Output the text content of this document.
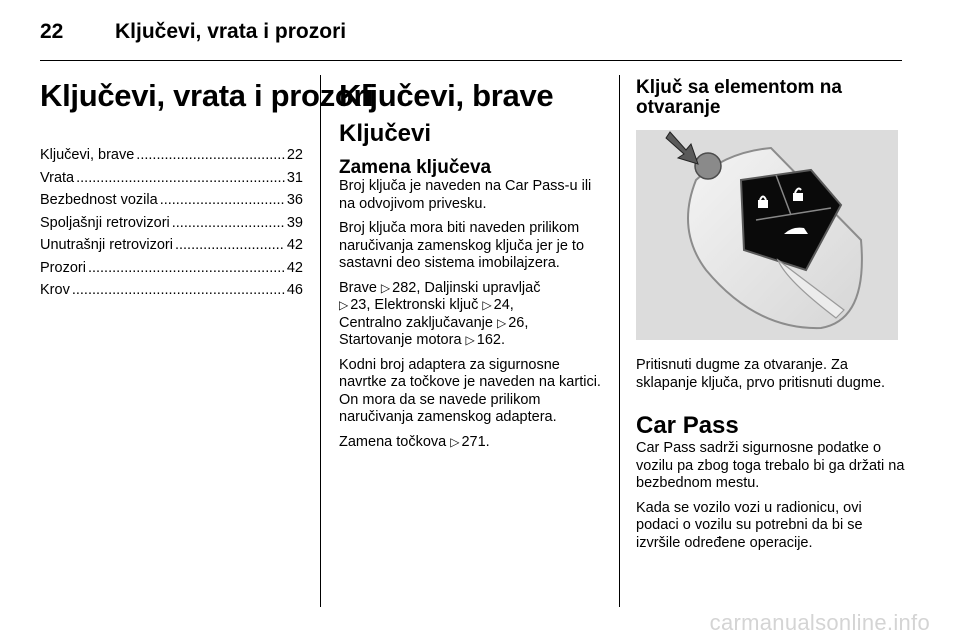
22 Ključevi, vrata i prozori
Ključevi, vrata i prozori
Ključevi, brave .....	22
Vrata .....	31
Bezbednost vozila .....	36
Spoljašnji retrovizori .....	39
Unutrašnji retrovizori .....	42
Prozori .....	42
Krov .....	46
Ključevi, brave
Ključevi
Zamena ključeva

Broj ključa je naveden na Car Pass-u ili na odvojivom privesku.

Broj ključa mora biti naveden prilikom naručivanja zamenskog ključa jer je to sastavni deo sistema imobilajzera.

Brave ▷ 282, Daljinski upravljač
▷ 23, Elektronski ključ ▷ 24,
Centralno zaključavanje ▷ 26,
Startovanje motora ▷ 162.

Kodni broj adaptera za sigurnosne navrtke za točkove je naveden na kartici. On mora da se navede prilikom naručivanja zamenskog adaptera.

Zamena točkova ▷ 271.

Ključ sa elementom na otvaranje

Pritisnuti dugme za otvaranje. Za sklapanje ključa, prvo pritisnuti dugme.

Car Pass

Car Pass sadrži sigurnosne podatke o vozilu pa zbog toga trebalo bi ga držati na bezbednom mestu.

Kada se vozilo vozi u radionicu, ovi podaci o vozilu su potrebni da bi se izvršile određene operacije.

carmanualsonline.info
